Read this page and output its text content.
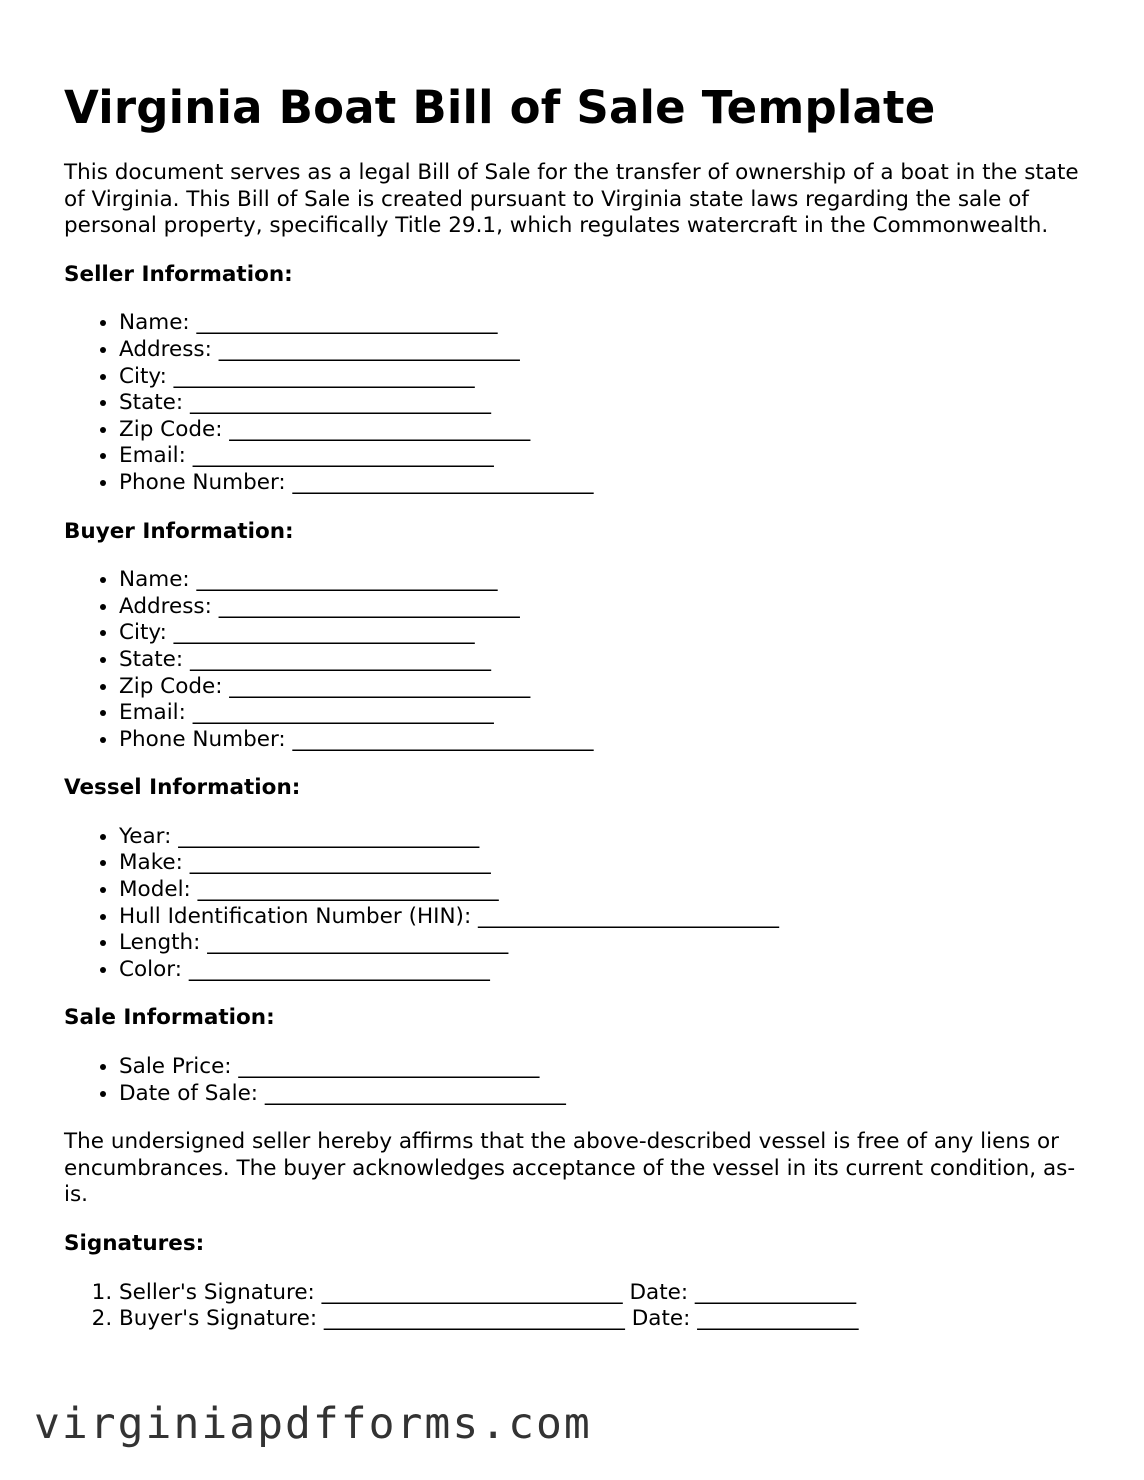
Virginia Boat Bill of Sale Template

This document serves as a legal Bill of Sale for the transfer of ownership of a boat in the state of Virginia. This Bill of Sale is created pursuant to Virginia state laws regarding the sale of personal property, specifically Title 29.1, which regulates watercraft in the Commonwealth.

Seller Information:
• Name: ____________________________
• Address: ____________________________
• City: ____________________________
• State: ____________________________
• Zip Code: ____________________________
• Email: ____________________________
• Phone Number: ____________________________
Buyer Information:
• Name: ____________________________
• Address: ____________________________
• City: ____________________________
• State: ____________________________
• Zip Code: ____________________________
• Email: ____________________________
• Phone Number: ____________________________
Vessel Information:
• Year: ____________________________
• Make: ____________________________
• Model: ____________________________
• Hull Identification Number (HIN): ____________________________
• Length: ____________________________
• Color: ____________________________
Sale Information:
• Sale Price: ____________________________
• Date of Sale: ____________________________

The undersigned seller hereby affirms that the above-described vessel is free of any liens or encumbrances. The buyer acknowledges acceptance of the vessel in its current condition, as-is.

Signatures:
1. Seller's Signature: ____________________________ Date: _______________
2. Buyer's Signature: ____________________________ Date: _______________
virginiapdfforms.com
